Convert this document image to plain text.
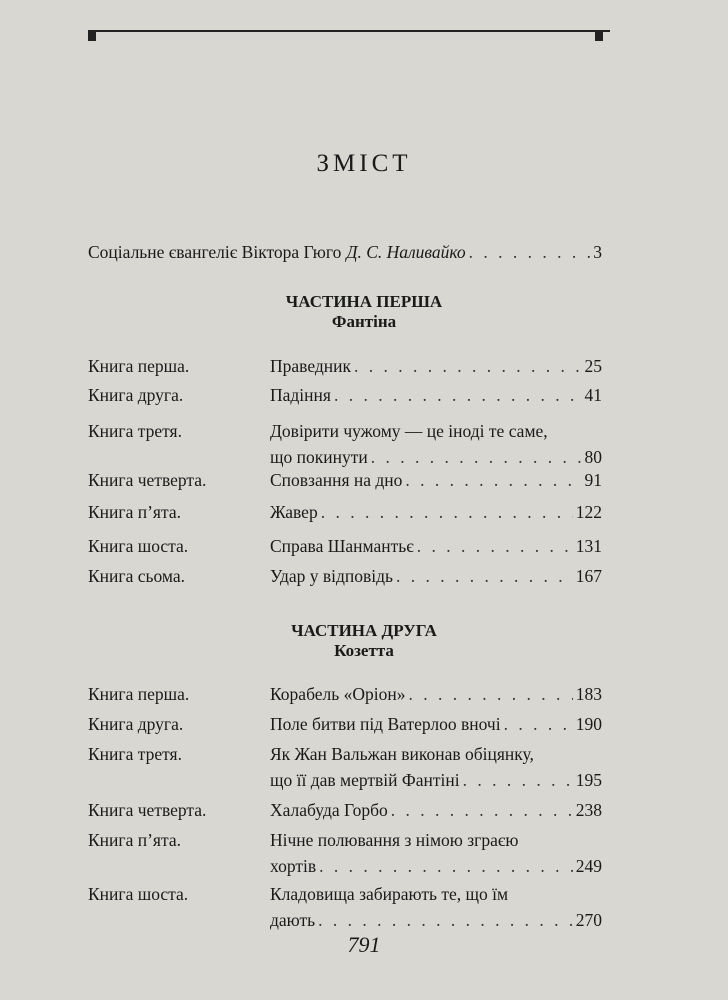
ЗМІСТ
Соціальне євангеліє Віктора Гюго Д. С. Наливайко . . .	3
ЧАСТИНА ПЕРША
Фантіна
Книга перша.	Праведник . . .	25
Книга друга.	Падіння . . .	41
Книга третя.	Довірити чужому — це іноді те саме,
що покинути . . .	80
Книга четверта.	Сповзання на дно . . .	91
Книга п’ята.	Жавер . . .	122
Книга шоста.	Справа Шанмантьє . . .	131
Книга сьома.	Удар у відповідь . . .	167
ЧАСТИНА ДРУГА
Козетта
Книга перша.	Корабель «Оріон» . . .	183
Книга друга.	Поле битви під Ватерлоо вночі . . .	190
Книга третя.	Як Жан Вальжан виконав обіцянку,
що її дав мертвій Фантіні . . .	195
Книга четверта.	Халабуда Горбо . . .	238
Книга п’ята.	Нічне полювання з німою зграєю
хортів . . .	249
Книга шоста.	Кладовища забирають те, що їм
дають . . .	270
791
